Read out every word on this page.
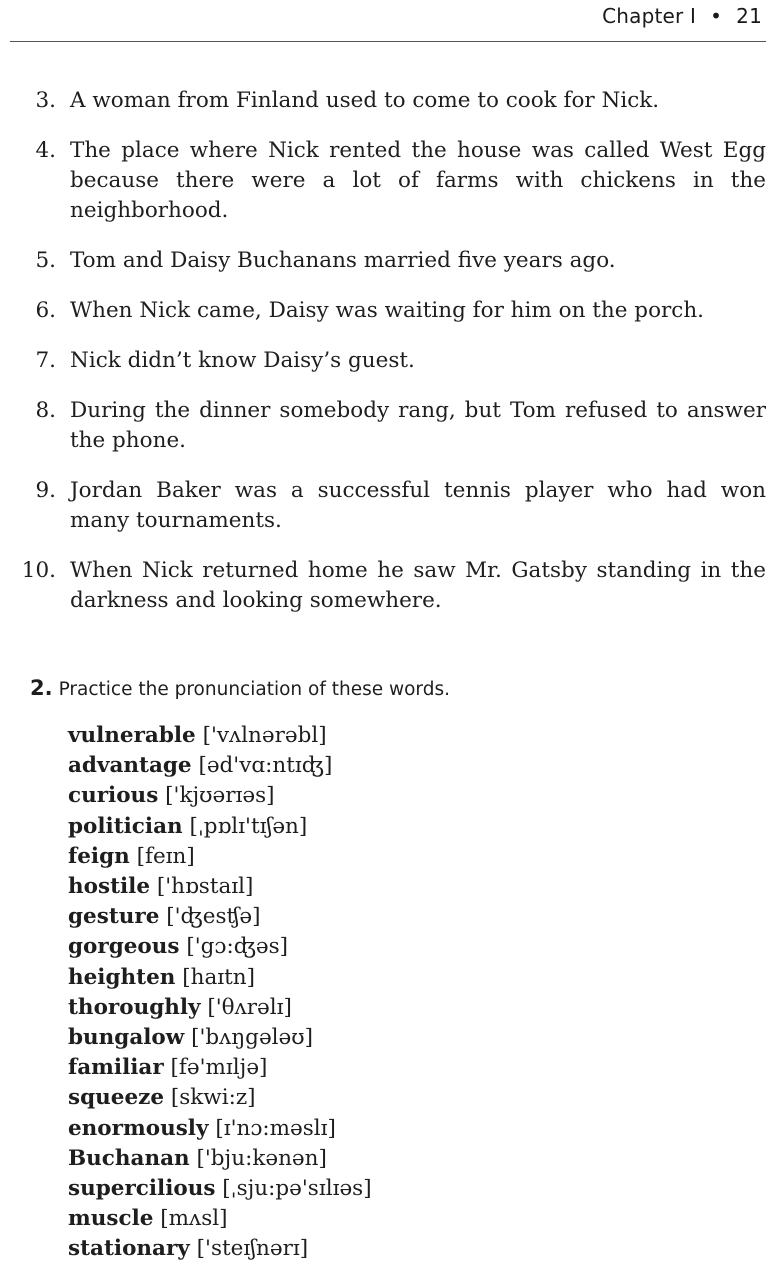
Chapter I • 21
3. A woman from Finland used to come to cook for Nick.
4. The place where Nick rented the house was called West Egg because there were a lot of farms with chickens in the neighborhood.
5. Tom and Daisy Buchanans married five years ago.
6. When Nick came, Daisy was waiting for him on the porch.
7. Nick didn’t know Daisy’s guest.
8. During the dinner somebody rang, but Tom refused to answer the phone.
9. Jordan Baker was a successful tennis player who had won many tournaments.
10. When Nick returned home he saw Mr. Gatsby standing in the darkness and looking somewhere.
2. Practice the pronunciation of these words.
vulnerable ['vʌlnərəbl]
advantage [əd'vɑ:ntɪʤ]
curious ['kjʊərɪəs]
politician [ˌpɒlɪ'tɪʃən]
feign [feɪn]
hostile ['hɒstaɪl]
gesture ['ʤesʧə]
gorgeous ['gɔ:ʤəs]
heighten [haɪtn]
thoroughly ['θʌrəlɪ]
bungalow ['bʌŋgələʊ]
familiar [fə'mɪljə]
squeeze [skwi:z]
enormously [ɪ'nɔ:məslɪ]
Buchanan ['bju:kənən]
supercilious [ˌsju:pə'sɪlɪəs]
muscle [mʌsl]
stationary ['steɪʃnərɪ]
